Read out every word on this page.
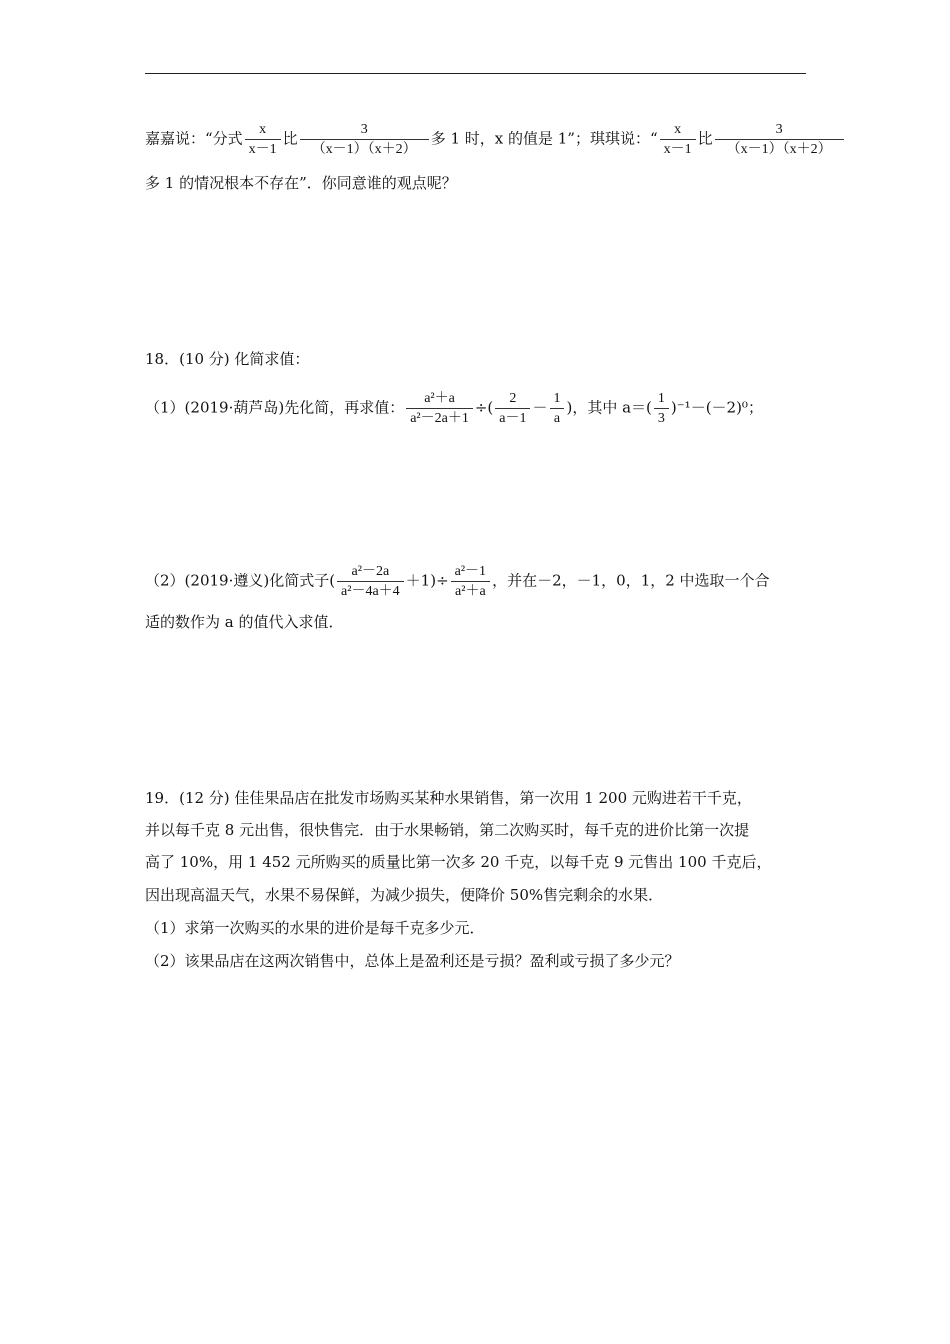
嘉嘉说：“分式 $\frac{x}{x-1}$ 比 $\frac{3}{(x-1)(x+2)}$ 多 1 时，x 的值是 1”；琪琪说：“ $\frac{x}{x-1}$ 比 $\frac{3}{(x-1)(x+2)}$
多 1 的情况根本不存在”．你同意谁的观点呢？
18．(10 分) 化简求值：
（1）(2019·葫芦岛)先化简，再求值： $\frac{\text{a²＋a}}{\text{a²－2a＋1}}$ ÷( $\frac{2}{a-1} - \frac{1}{a}$ )，其中 $a=( \frac{1}{3} )^{-1}-(-2)^0$；
（2）(2019·遵义)化简式子( $\frac{\text{a²－2a}}{\text{a²－4a＋4}} +1)\div \frac{\text{a²－1}}{\text{a²＋a}}$ ，并在－2，－1，0，1，2 中选取一个合
适的数作为 a 的值代入求值．
19．(12 分) 佳佳果品店在批发市场购买某种水果销售，第一次用 1 200 元购进若干千克，
并以每千克 8 元出售，很快售完．由于水果畅销，第二次购买时，每千克的进价比第一次提
高了 10%，用 1 452 元所购买的质量比第一次多 20 千克，以每千克 9 元售出 100 千克后，
因出现高温天气，水果不易保鲜，为减少损失，便降价 50%售完剩余的水果．
（1）求第一次购买的水果的进价是每千克多少元．
（2）该果品店在这两次销售中，总体上是盈利还是亏损？盈利或亏损了多少元？
